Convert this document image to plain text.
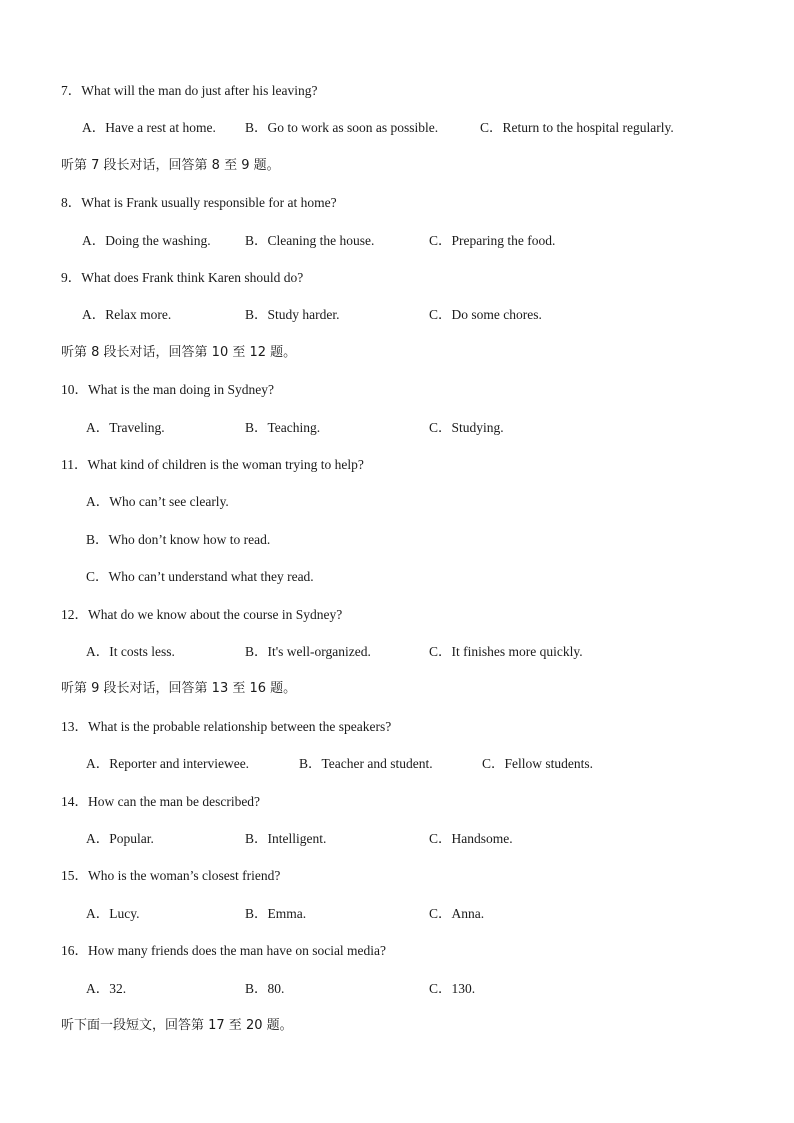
7．What will the man do just after his leaving?
A．Have a rest at home. B．Go to work as soon as possible.	C．Return to the hospital regularly.
听第 7 段长对话，回答第 8 至 9 题。
8．What is Frank usually responsible for at home?
A．Doing the washing.	B．Cleaning the house.	C．Preparing the food.
9．What does Frank think Karen should do?
A．Relax more.	B．Study harder.	C．Do some chores.
听第 8 段长对话，回答第 10 至 12 题。
10．What is the man doing in Sydney?
A．Traveling.	B．Teaching.	C．Studying.
11．What kind of children is the woman trying to help?
A．Who can’t see clearly.
B．Who don’t know how to read.
C．Who can’t understand what they read.
12．What do we know about the course in Sydney?
A．It costs less.	B．It's well-organized.	C．It finishes more quickly.
听第 9 段长对话，回答第 13 至 16 题。
13．What is the probable relationship between the speakers?
A．Reporter and interviewee.	B．Teacher and student.	C．Fellow students.
14．How can the man be described?
A．Popular.	B．Intelligent.	C．Handsome.
15．Who is the woman’s closest friend?
A．Lucy.	B．Emma.	C．Anna.
16．How many friends does the man have on social media?
A．32.	B．80.	C．130.
听下面一段短文，回答第 17 至 20 题。
